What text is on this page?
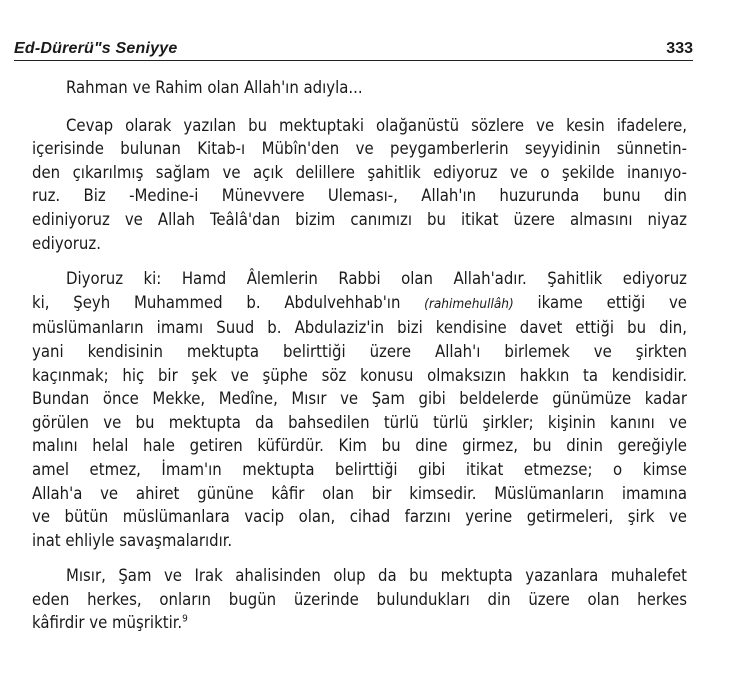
Ed-Dürerü"s Seniyye	333
Rahman ve Rahim olan Allah'ın adıyla...
Cevap olarak yazılan bu mektuptaki olağanüstü sözlere ve kesin ifadelere,
içerisinde bulunan Kitab-ı Mübîn'den ve peygamberlerin seyyidinin sünnetin-
den çıkarılmış sağlam ve açık delillere şahitlik ediyoruz ve o şekilde inanıyo-
ruz. Biz -Medine-i Münevvere Uleması-, Allah'ın huzurunda bunu din
ediniyoruz ve Allah Teâlâ'dan bizim canımızı bu itikat üzere almasını niyaz
ediyoruz.
Diyoruz ki: Hamd Âlemlerin Rabbi olan Allah'adır. Şahitlik ediyoruz
ki, Şeyh Muhammed b. Abdulvehhab'ın (rahimehullâh) ikame ettiği ve
müslümanların imamı Suud b. Abdulaziz'in bizi kendisine davet ettiği bu din,
yani kendisinin mektupta belirttiği üzere Allah'ı birlemek ve şirkten
kaçınmak; hiç bir şek ve şüphe söz konusu olmaksızın hakkın ta kendisidir.
Bundan önce Mekke, Medîne, Mısır ve Şam gibi beldelerde günümüze kadar
görülen ve bu mektupta da bahsedilen türlü türlü şirkler; kişinin kanını ve
malını helal hale getiren küfürdür. Kim bu dine girmez, bu dinin gereğiyle
amel etmez, İmam'ın mektupta belirttiği gibi itikat etmezse; o kimse
Allah'a ve ahiret gününe kâfir olan bir kimsedir. Müslümanların imamına
ve bütün müslümanlara vacip olan, cihad farzını yerine getirmeleri, şirk ve
inat ehliyle savaşmalarıdır.
Mısır, Şam ve Irak ahalisinden olup da bu mektupta yazanlara muhalefet
eden herkes, onların bugün üzerinde bulundukları din üzere olan herkes
kâfirdir ve müşriktir.$^9$
